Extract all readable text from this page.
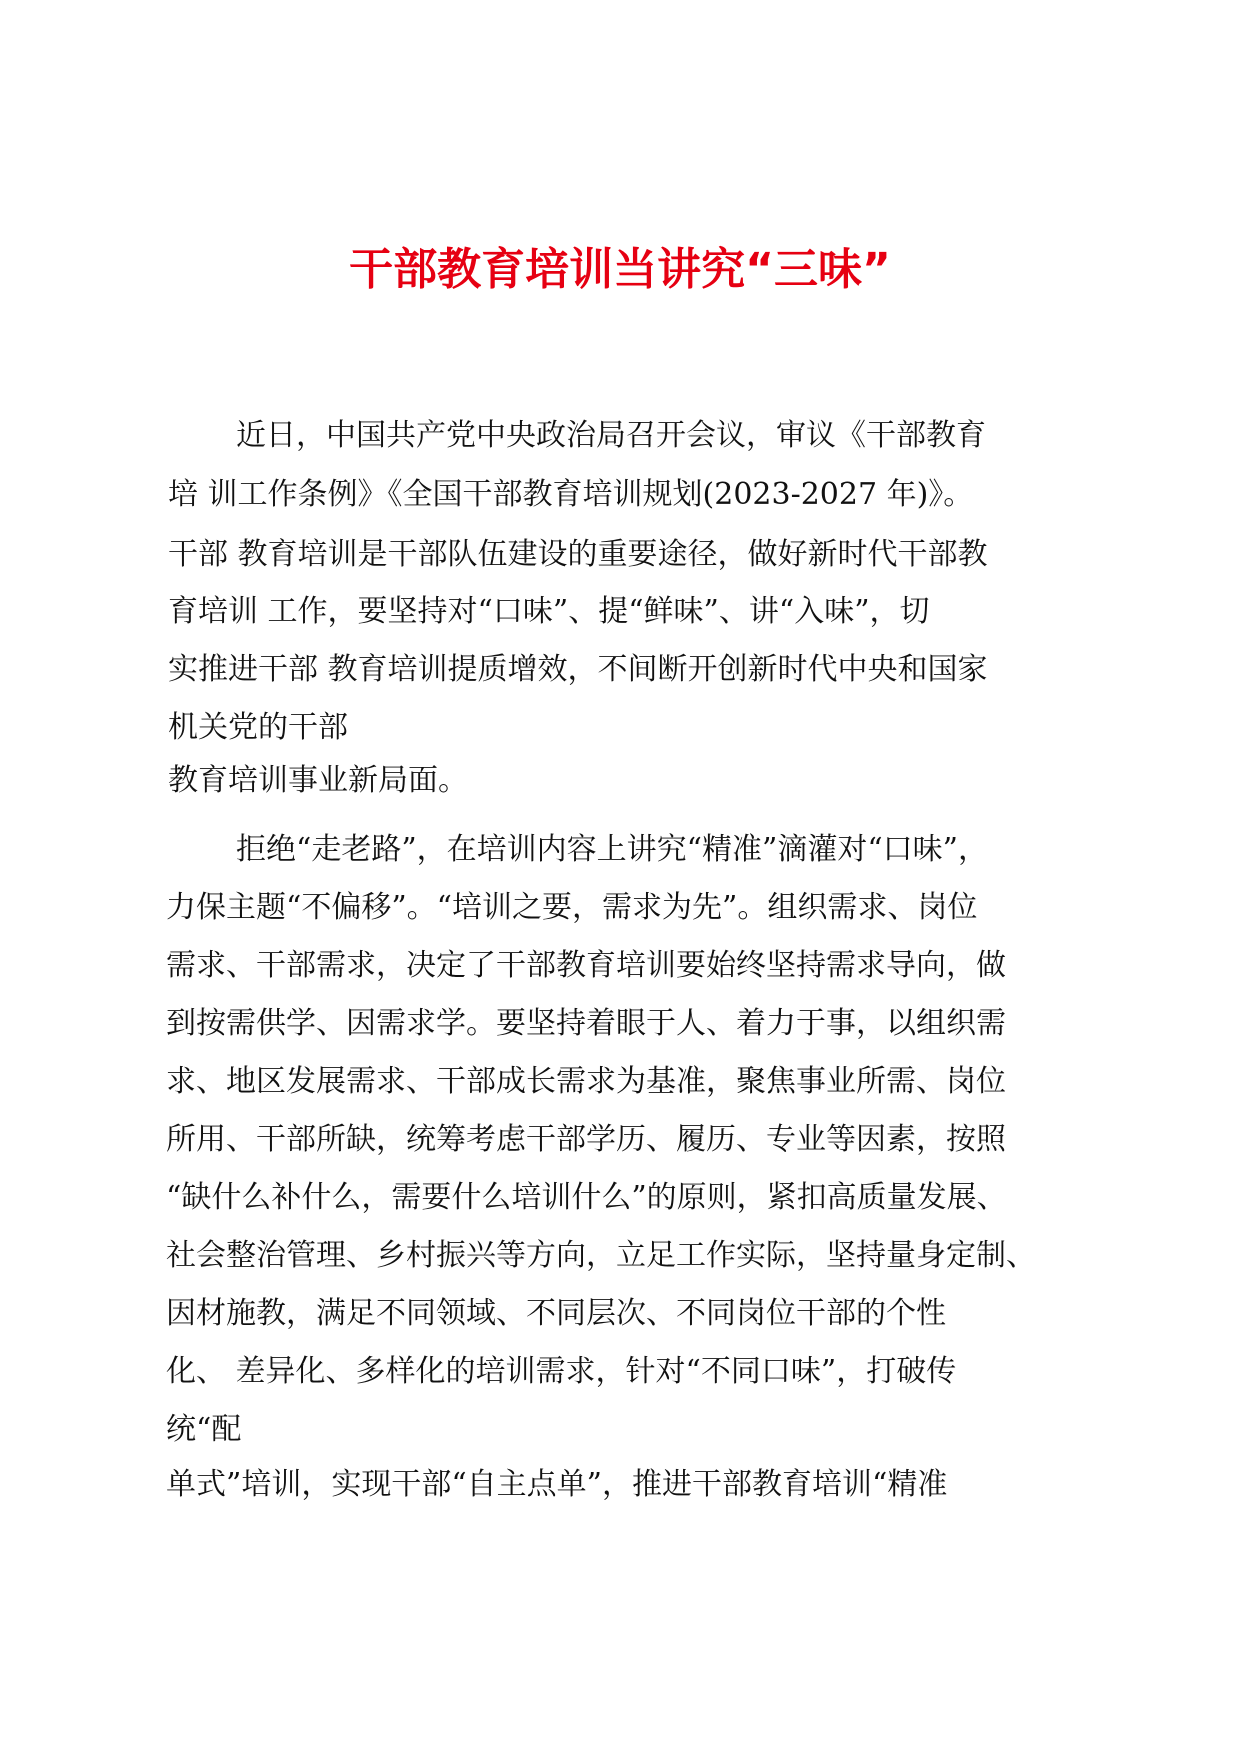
干部教育培训当讲究“三味”

近日，中国共产党中央政治局召开会议，审议《干部教育

培 训工作条例》《全国干部教育培训规划(2023-2027 年)》。

干部 教育培训是干部队伍建设的重要途径，做好新时代干部教

育培训 工作，要坚持对“口味”、提“鲜味”、讲“入味”，切

实推进干部 教育培训提质增效，不间断开创新时代中央和国家

机关党的干部

教育培训事业新局面。

拒绝“走老路”，在培训内容上讲究“精准”滴灌对“口味”，

力保主题“不偏移”。“培训之要，需求为先”。组织需求、岗位

需求、干部需求，决定了干部教育培训要始终坚持需求导向，做

到按需供学、因需求学。要坚持着眼于人、着力于事，以组织需

求、地区发展需求、干部成长需求为基准，聚焦事业所需、岗位

所用、干部所缺，统筹考虑干部学历、履历、专业等因素，按照

“缺什么补什么，需要什么培训什么”的原则，紧扣高质量发展、

社会整治管理、乡村振兴等方向，立足工作实际，坚持量身定制、

因材施教，满足不同领域、不同层次、不同岗位干部的个性

化、 差异化、多样化的培训需求，针对“不同口味”，打破传

统“配

单式”培训，实现干部“自主点单”，推进干部教育培训“精准
